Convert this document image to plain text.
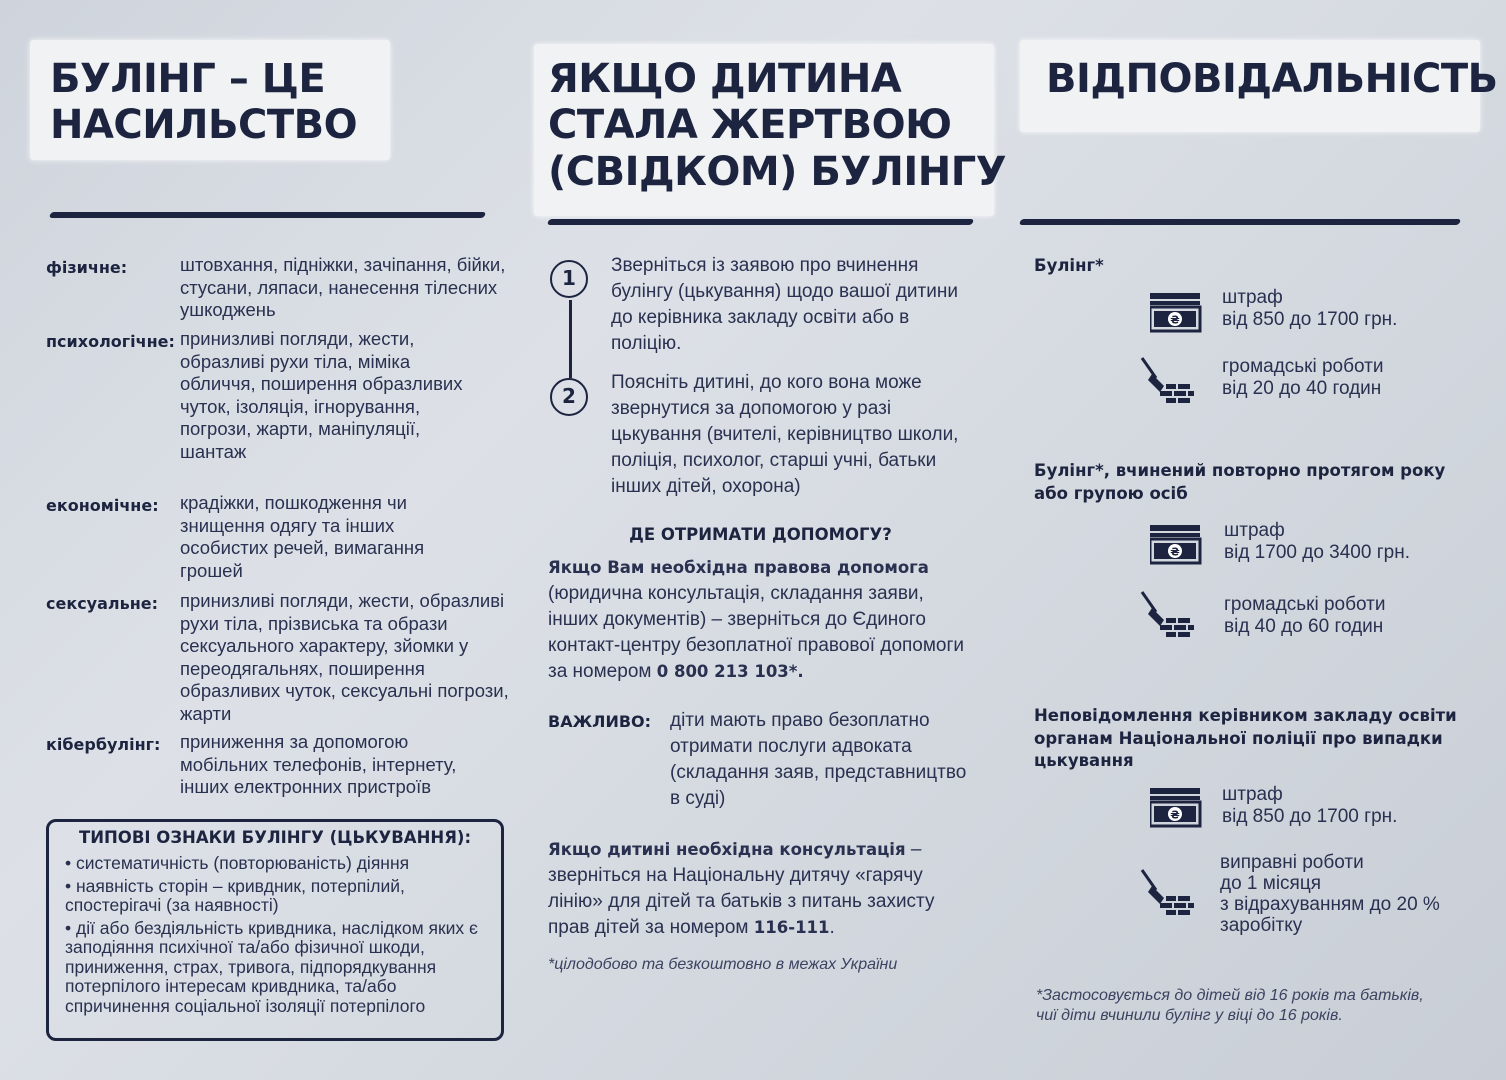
БУЛІНГ – ЦЕ
НАСИЛЬСТВО
фізичне:	штовхання, підніжки, зачіпання, бійки, стусани, ляпаси, нанесення тілесних ушкоджень
психологічне: принизливі погляди, жести, образливі рухи тіла, міміка обличчя, поширення образливих чуток, ізоляція, ігнорування, погрози, жарти, маніпуляції, шантаж
економічне: крадіжки, пошкодження чи знищення одягу та інших особистих речей, вимагання грошей
сексуальне: принизливі погляди, жести, образливі рухи тіла, прізвиська та образи сексуального характеру, зйомки у переодягальнях, поширення образливих чуток, сексуальні погрози, жарти
кібербулінг: приниження за допомогою мобільних телефонів, інтернету, інших електронних пристроїв
ТИПОВІ ОЗНАКИ БУЛІНГУ (ЦЬКУВАННЯ):
• систематичність (повторюваність) діяння
• наявність сторін – кривдник, потерпілий, спостерігачі (за наявності)
• дії або бездіяльність кривдника, наслідком яких є заподіяння психічної та/або фізичної шкоди, приниження, страх, тривога, підпорядкування потерпілого інтересам кривдника, та/або спричинення соціальної ізоляції потерпілого
ЯКЩО ДИТИНА
СТАЛА ЖЕРТВОЮ
(СВІДКОМ) БУЛІНГУ
1
2
Зверніться із заявою про вчинення булінгу (цькування) щодо вашої дитини до керівника закладу освіти або в поліцію.
Поясніть дитині, до кого вона може звернутися за допомогою у разі цькування (вчителі, керівництво школи, поліція, психолог, старші учні, батьки інших дітей, охорона)
ДЕ ОТРИМАТИ ДОПОМОГУ?
Якщо Вам необхідна правова допомога (юридична консультація, складання заяви, інших документів) – зверніться до Єдиного контакт-центру безоплатної правової допомоги за номером 0 800 213 103*.
ВАЖЛИВО: діти мають право безоплатно отримати послуги адвоката (складання заяв, представництво в суді)
Якщо дитині необхідна консультація – зверніться на Національну дитячу «гарячу лінію» для дітей та батьків з питань захисту прав дітей за номером 116-111.
*цілодобово та безкоштовно в межах України
ВІДПОВІДАЛЬНІСТЬ
Булінг*
штраф
від 850 до 1700 грн.
громадські роботи
від 20 до 40 годин
Булінг*, вчинений повторно протягом року або групою осіб
штраф
від 1700 до 3400 грн.
громадські роботи
від 40 до 60 годин
Неповідомлення керівником закладу освіти органам Національної поліції про випадки цькування
штраф
від 850 до 1700 грн.
виправні роботи
до 1 місяця
з відрахуванням до 20 %
заробітку
*Застосовується до дітей від 16 років та батьків,
чиї діти вчинили булінг у віці до 16 років.
